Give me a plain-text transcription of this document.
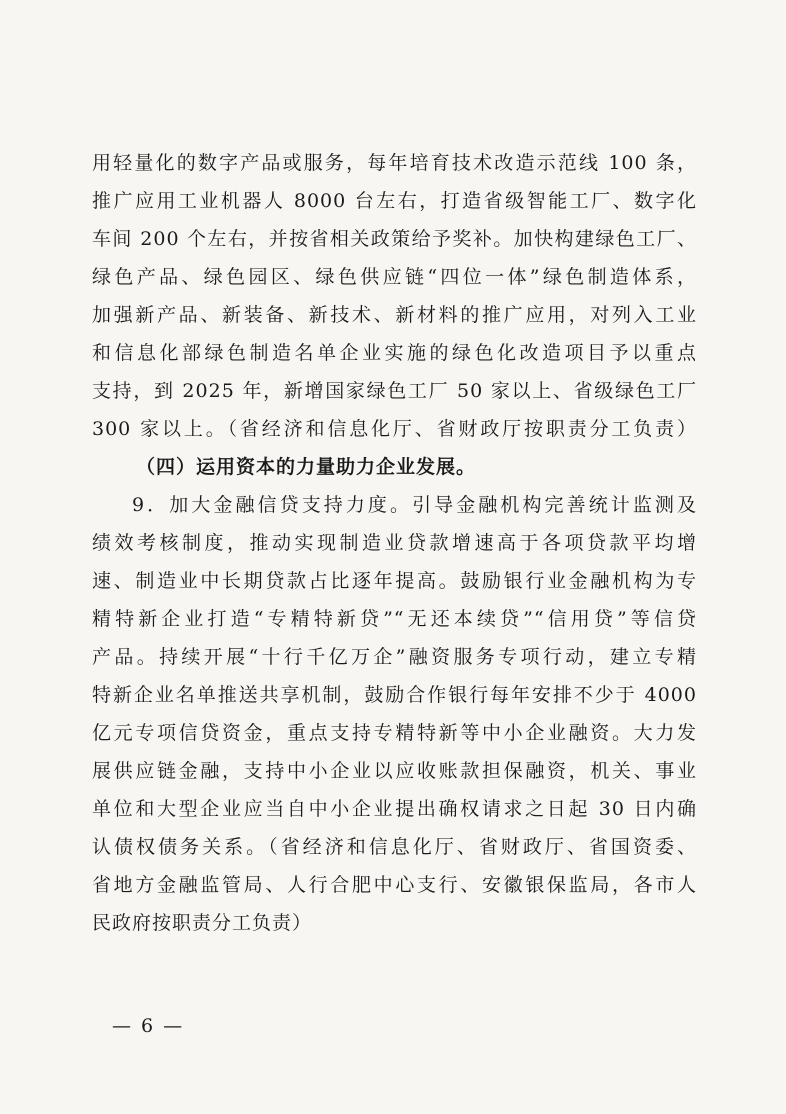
用轻量化的数字产品或服务，每年培育技术改造示范线 100 条，
推广应用工业机器人 8000 台左右，打造省级智能工厂、数字化
车间 200 个左右，并按省相关政策给予奖补。加快构建绿色工厂、
绿色产品、绿色园区、绿色供应链“四位一体”绿色制造体系，
加强新产品、新装备、新技术、新材料的推广应用，对列入工业
和信息化部绿色制造名单企业实施的绿色化改造项目予以重点
支持，到 2025 年，新增国家绿色工厂 50 家以上、省级绿色工厂
300 家以上。（省经济和信息化厅、省财政厅按职责分工负责）
（四）运用资本的力量助力企业发展。
9．加大金融信贷支持力度。引导金融机构完善统计监测及
绩效考核制度，推动实现制造业贷款增速高于各项贷款平均增
速、制造业中长期贷款占比逐年提高。鼓励银行业金融机构为专
精特新企业打造“专精特新贷”“无还本续贷”“信用贷”等信贷
产品。持续开展“十行千亿万企”融资服务专项行动，建立专精
特新企业名单推送共享机制，鼓励合作银行每年安排不少于 4000
亿元专项信贷资金，重点支持专精特新等中小企业融资。大力发
展供应链金融，支持中小企业以应收账款担保融资，机关、事业
单位和大型企业应当自中小企业提出确权请求之日起 30 日内确
认债权债务关系。（省经济和信息化厅、省财政厅、省国资委、
省地方金融监管局、人行合肥中心支行、安徽银保监局，各市人
民政府按职责分工负责）
— 6 —
